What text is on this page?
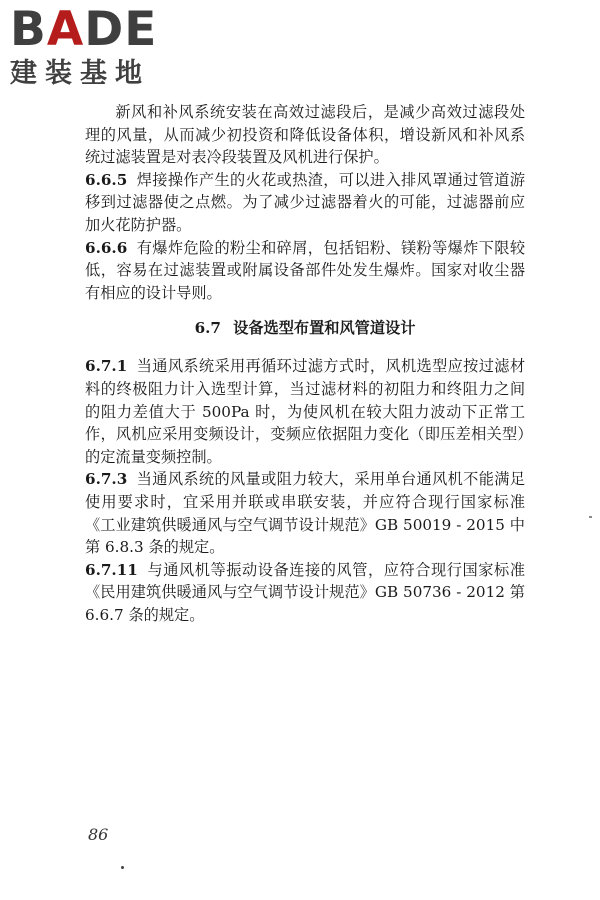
BADE
建装基地

新风和补风系统安装在高效过滤段后，是减少高效过滤段处理的风量，从而减少初投资和降低设备体积，增设新风和补风系统过滤装置是对表冷段装置及风机进行保护。

6.6.5 焊接操作产生的火花或热渣，可以进入排风罩通过管道游移到过滤器使之点燃。为了减少过滤器着火的可能，过滤器前应加火花防护器。

6.6.6 有爆炸危险的粉尘和碎屑，包括铝粉、镁粉等爆炸下限较低，容易在过滤装置或附属设备部件处发生爆炸。国家对收尘器有相应的设计导则。

6.7 设备选型布置和风管道设计

6.7.1 当通风系统采用再循环过滤方式时，风机选型应按过滤材料的终极阻力计入选型计算，当过滤材料的初阻力和终阻力之间的阻力差值大于 500Pa 时，为使风机在较大阻力波动下正常工作，风机应采用变频设计，变频应依据阻力变化（即压差相关型）的定流量变频控制。

6.7.3 当通风系统的风量或阻力较大，采用单台通风机不能满足使用要求时，宜采用并联或串联安装，并应符合现行国家标准《工业建筑供暖通风与空气调节设计规范》GB 50019 - 2015 中第 6.8.3 条的规定。

6.7.11 与通风机等振动设备连接的风管，应符合现行国家标准《民用建筑供暖通风与空气调节设计规范》GB 50736 - 2012 第 6.6.7 条的规定。

86
